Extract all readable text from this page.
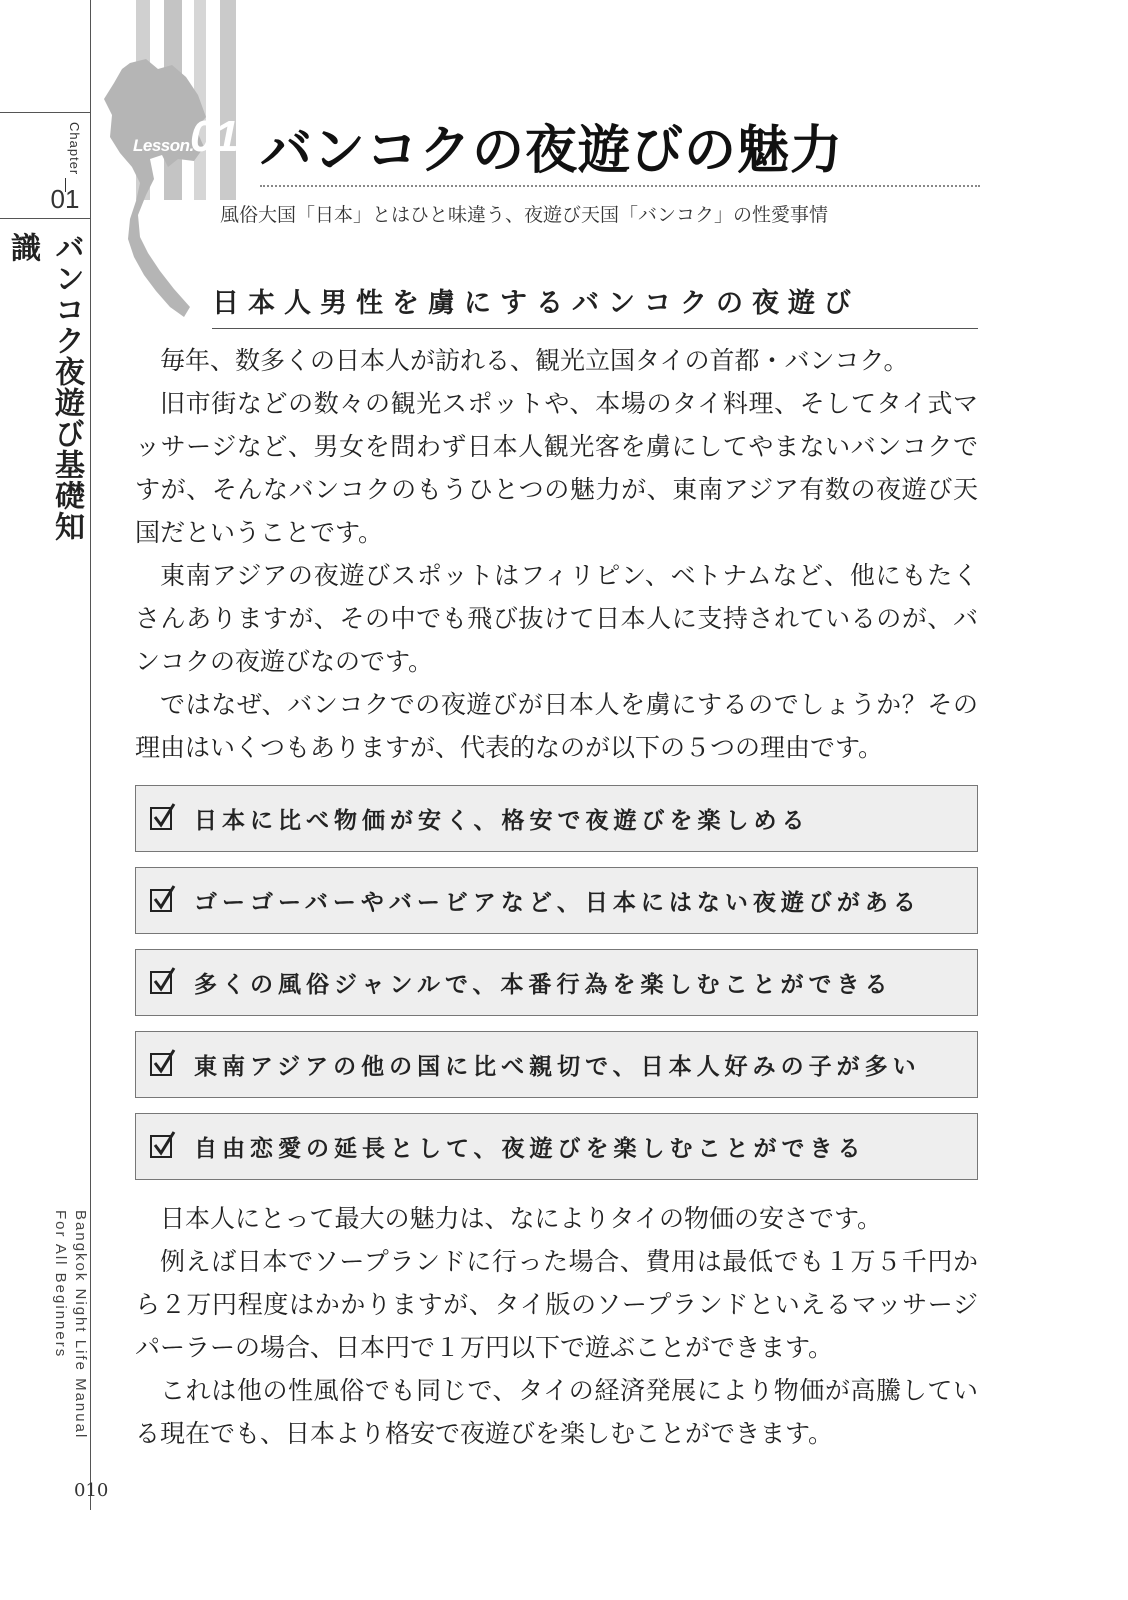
Chapter
01
バンコク夜遊び基礎知識
Bangkok Night Life Manual For All Beginners
Lesson.
01 バンコクの夜遊びの魅力
風俗大国「日本」とはひと味違う、夜遊び天国「バンコク」の性愛事情
日本人男性を虜にするバンコクの夜遊び

毎年、数多くの日本人が訪れる、観光立国タイの首都・バンコク。

旧市街などの数々の観光スポットや、本場のタイ料理、そしてタイ式マッサージなど、男女を問わず日本人観光客を虜にしてやまないバンコクですが、そんなバンコクのもうひとつの魅力が、東南アジア有数の夜遊び天国だということです。

東南アジアの夜遊びスポットはフィリピン、ベトナムなど、他にもたくさんありますが、その中でも飛び抜けて日本人に支持されているのが、バンコクの夜遊びなのです。

ではなぜ、バンコクでの夜遊びが日本人を虜にするのでしょうか？その理由はいくつもありますが、代表的なのが以下の５つの理由です。

日本に比べ物価が安く、格安で夜遊びを楽しめる
ゴーゴーバーやバービアなど、日本にはない夜遊びがある
多くの風俗ジャンルで、本番行為を楽しむことができる
東南アジアの他の国に比べ親切で、日本人好みの子が多い
自由恋愛の延長として、夜遊びを楽しむことができる

日本人にとって最大の魅力は、なによりタイの物価の安さです。

例えば日本でソープランドに行った場合、費用は最低でも１万５千円から２万円程度はかかりますが、タイ版のソープランドといえるマッサージパーラーの場合、日本円で１万円以下で遊ぶことができます。

これは他の性風俗でも同じで、タイの経済発展により物価が高騰している現在でも、日本より格安で夜遊びを楽しむことができます。

010
